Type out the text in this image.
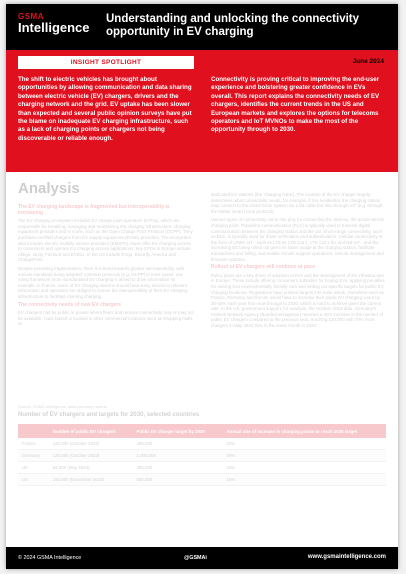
GSMA
Intelligence
Understanding and unlocking the connectivity opportunity in EV charging
INSIGHT SPOTLIGHT	June 2024
The shift to electric vehicles has brought about opportunities by allowing communication and data sharing between electric vehicle (EV) chargers, drivers and the charging network and the grid. EV uptake has been slower than expected and several public opinion surveys have put the blame on inadequate EV charging infrastructure, such as a lack of charging points or chargers not being discoverable or reliable enough.
Connectivity is proving critical to improving the end-user experience and bolstering greater confidence in EVs overall. This report explains the connectivity needs of EV chargers, identifies the current trends in the US and European markets and explores the options for telecoms operators and IoT MVNOs to make the most of the opportunity through to 2030.
Analysis
The EV charging landscape is fragmented but interoperability is increasing

The EV charging ecosystem includes EV charge point operators (CPOs), which are responsible for installing, managing and maintaining the charging infrastructure; charging equipment providers and in some, such as the Open Charge Point Protocol (OCPP). They purchase certified chargers from EV supply equipment (EVSE) providers. The ecosystem also includes electric mobility service providers (EMSPs), those offer EV charging access to consumers and operate EV charging access applications; key CPOs in Europe include Allego, Ionity, Fastned and EVBox. In the US include EVgo, Electrify America and ChargePoint.

Despite persisting fragmentation, there is a trend towards greater interoperability, with various standards being adopted; common protocols (e.g. OCPP) in most cases; one ruling framework more standardised EV charging is aimed to drive information for example, in France, users of EV charging stations should have easy access to relevant information and operators are obliged to ensure the interoperability of their EV charging infrastructure to facilitate roaming charging.

The connectivity needs of new EV chargers

EV chargers can be public or private where fleets and remove connectivity may or may not be available; route based or located in other commercial locations such as shopping malls or

dedicated EV stations (the 'charging hubs'). The location of the EV charger largely determines what connectivity needs; for example, if it is residential, the charging station may connect to the smart home system via LAN cable but also through IoT (e.g. through the Matter smart home protocol).

Various types of connectivity come into play for connecting the devices, the actual vehicle charging point. Powerline communication (PLC) is typically used to transmit digital communication between the charging station and the car. Short-range connectivity, such as BLE, is typically used for driver verification and authentication. Cellular connectivity in the form of LPWA IoT - such as LTE-M, LTE Cat 1, LTE Cat 1 bis and NB-IoT - and the increasing 5G being rolled out given its lower usage at the charging station, facilitate transactions and billing, and enable remote support operations, remote management and firmware updates.

Rollout of EV chargers will continue at pace

Policy plans are a key driver of adoption of EVs and the development of EV infrastructure in Europe. These include offering consumers subsidies for buying EVs, applying penalties for owning less environmentally friendly cars and setting out specific targets for public EV charging locations. Regulations have pushed targets into trade winds, elsewhere such as France, Germany and the UK would have to increase their public EV charging count by 20-40% each year from now through to 2030, which is hard to achieve given the current rate. In the US, government support, for example, the October 2023 data, Germany's Federal Network Agency (Bundesnetzagentur) reported a 40% increase in the number of public EV chargers compared to the previous year, reaching 120,000 with 70% more chargers in May 2024 than in the same month in 2023.

Source: GSMA Intelligence; data company reports
Number of EV chargers and targets for 2030, selected countries
	Number of public EV chargers	Public EV charger target by 2030	Annual rate of increase in charging points to reach 2030 target
France	120,000 (October 2023)	400,000	20%
Germany	120,000 (October 2023)	1,000,000	40%
UK	62,000 (May 2024)	300,000	25%
US	192,000 (December 2023)	500,000	15%
© 2024 GSMA Intelligence	@GSMAi	www.gsmaintelligence.com
